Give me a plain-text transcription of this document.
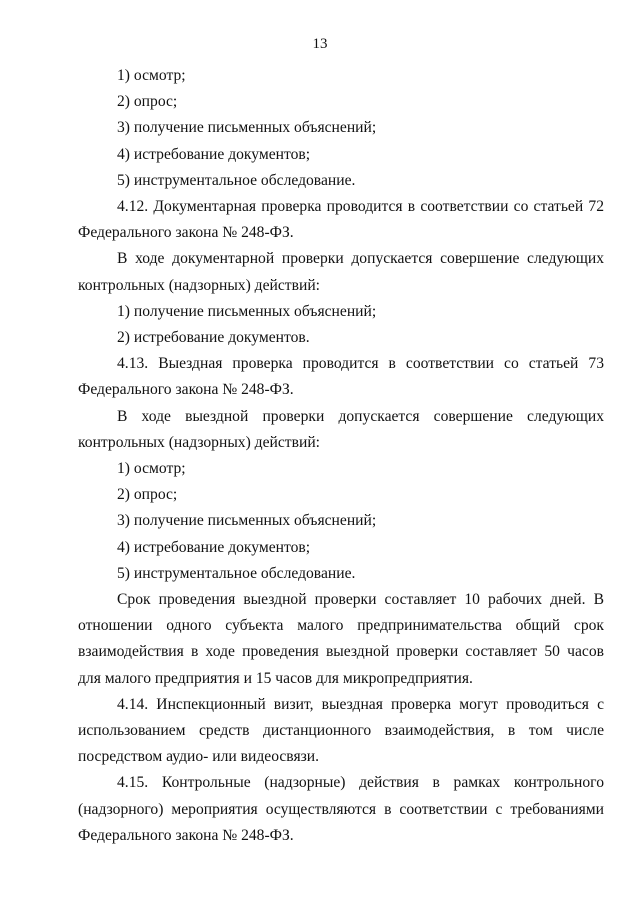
13

1) осмотр;

2) опрос;

3) получение письменных объяснений;

4) истребование документов;

5) инструментальное обследование.

4.12. Документарная проверка проводится в соответствии со статьей 72 Федерального закона № 248-ФЗ.

В ходе документарной проверки допускается совершение следующих контрольных (надзорных) действий:

1) получение письменных объяснений;

2) истребование документов.

4.13. Выездная проверка проводится в соответствии со статьей 73 Федерального закона № 248-ФЗ.

В ходе выездной проверки допускается совершение следующих контрольных (надзорных) действий:

1) осмотр;

2) опрос;

3) получение письменных объяснений;

4) истребование документов;

5) инструментальное обследование.

Срок проведения выездной проверки составляет 10 рабочих дней. В отношении одного субъекта малого предпринимательства общий срок взаимодействия в ходе проведения выездной проверки составляет 50 часов для малого предприятия и 15 часов для микропредприятия.

4.14. Инспекционный визит, выездная проверка могут проводиться с использованием средств дистанционного взаимодействия, в том числе посредством аудио- или видеосвязи.

4.15. Контрольные (надзорные) действия в рамках контрольного (надзорного) мероприятия осуществляются в соответствии с требованиями Федерального закона № 248-ФЗ.
